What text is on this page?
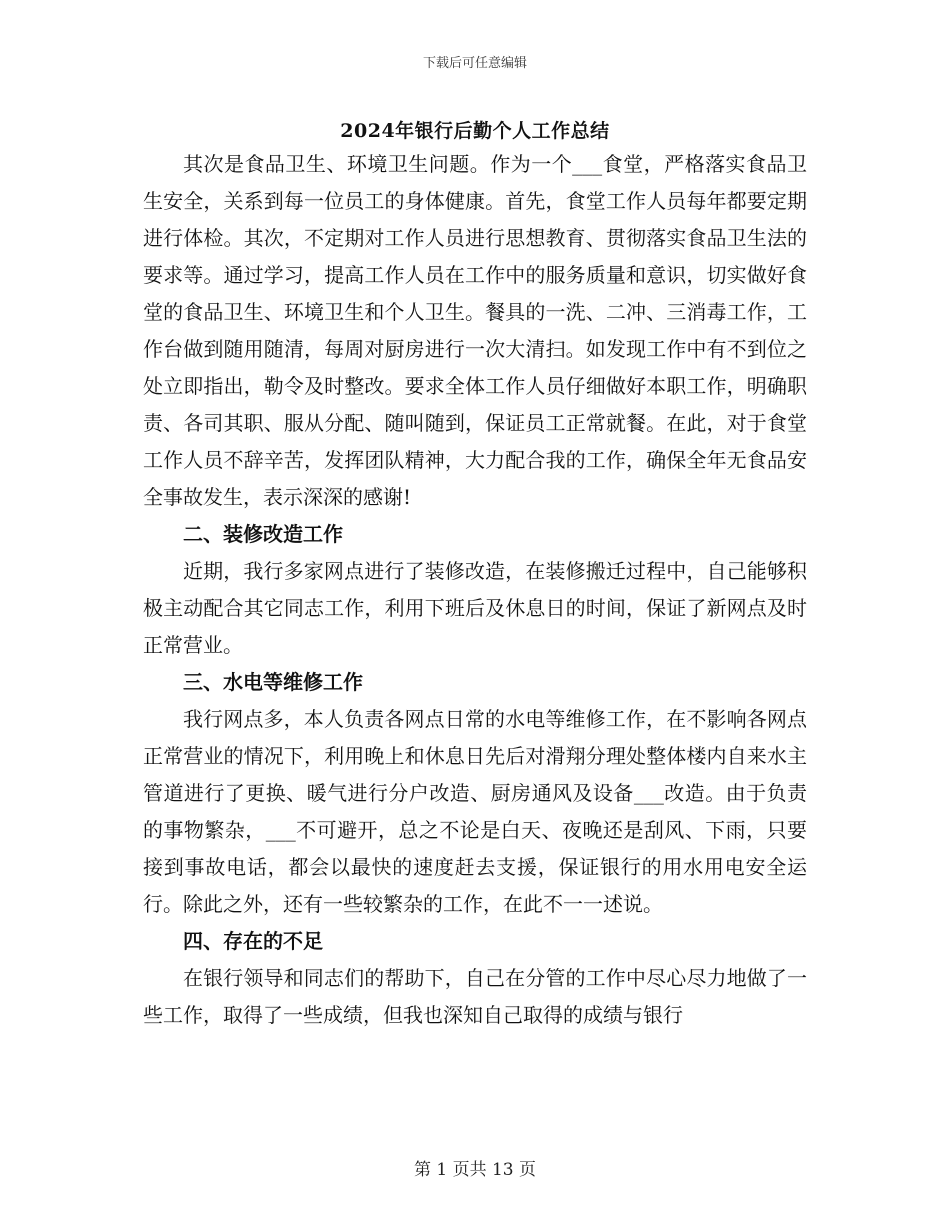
下载后可任意编辑
2024年银行后勤个人工作总结

其次是食品卫生、环境卫生问题。作为一个___食堂，严格落实食品卫生安全，关系到每一位员工的身体健康。首先，食堂工作人员每年都要定期进行体检。其次，不定期对工作人员进行思想教育、贯彻落实食品卫生法的要求等。通过学习，提高工作人员在工作中的服务质量和意识，切实做好食堂的食品卫生、环境卫生和个人卫生。餐具的一洗、二冲、三消毒工作，工作台做到随用随清，每周对厨房进行一次大清扫。如发现工作中有不到位之处立即指出，勒令及时整改。要求全体工作人员仔细做好本职工作，明确职责、各司其职、服从分配、随叫随到，保证员工正常就餐。在此，对于食堂工作人员不辞辛苦，发挥团队精神，大力配合我的工作，确保全年无食品安全事故发生，表示深深的感谢!

二、装修改造工作

近期，我行多家网点进行了装修改造，在装修搬迁过程中，自己能够积极主动配合其它同志工作，利用下班后及休息日的时间，保证了新网点及时正常营业。

三、水电等维修工作

我行网点多，本人负责各网点日常的水电等维修工作，在不影响各网点正常营业的情况下，利用晚上和休息日先后对滑翔分理处整体楼内自来水主管道进行了更换、暖气进行分户改造、厨房通风及设备___改造。由于负责的事物繁杂，___不可避开，总之不论是白天、夜晚还是刮风、下雨，只要接到事故电话，都会以最快的速度赶去支援，保证银行的用水用电安全运行。除此之外，还有一些较繁杂的工作，在此不一一述说。

四、存在的不足

在银行领导和同志们的帮助下，自己在分管的工作中尽心尽力地做了一些工作，取得了一些成绩，但我也深知自己取得的成绩与银行

第 1 页共 13 页
